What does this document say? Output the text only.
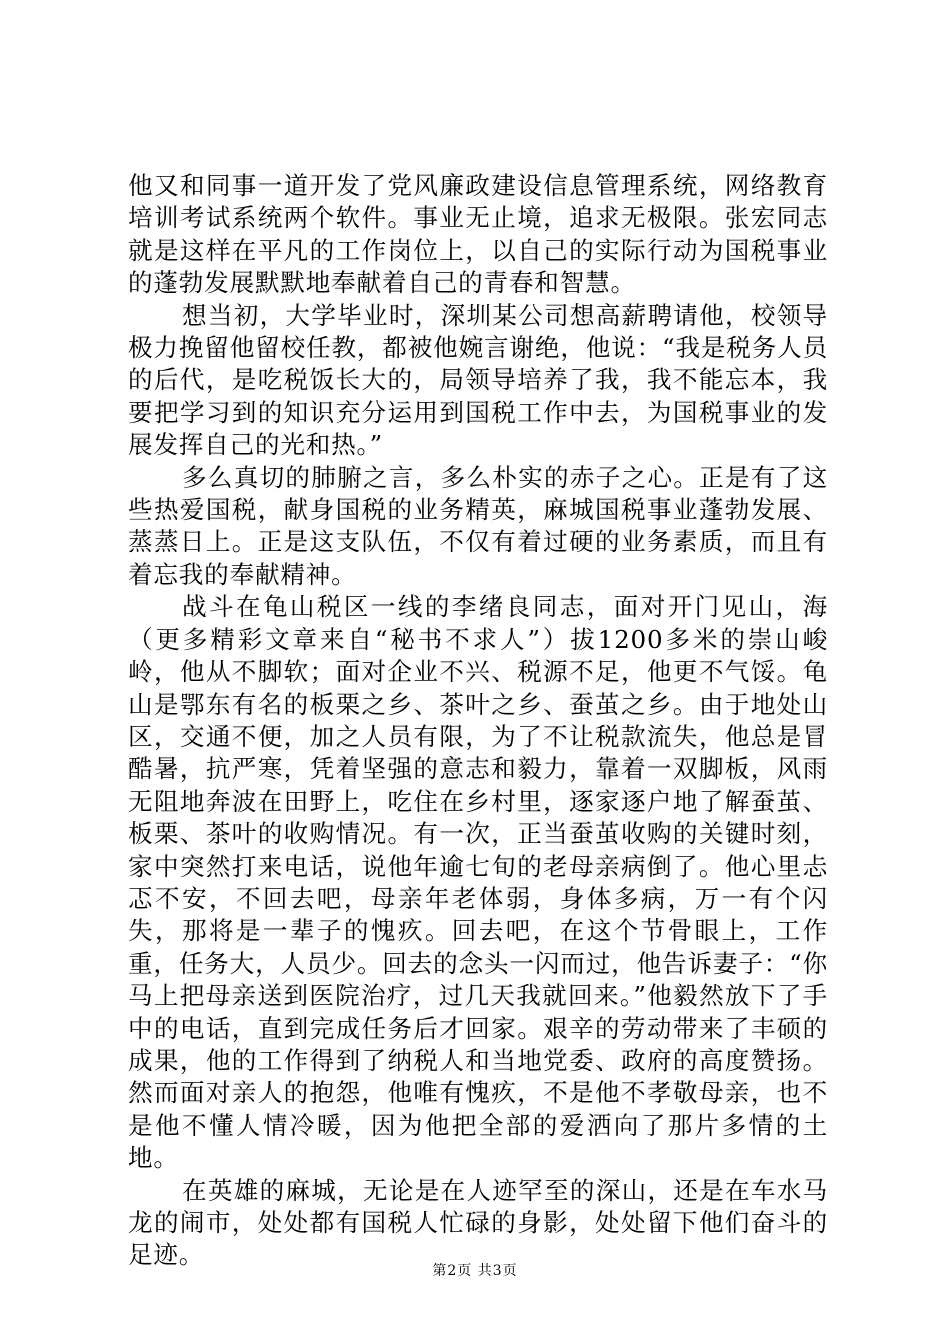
他又和同事一道开发了党风廉政建设信息管理系统，网络教育培训考试系统两个软件。事业无止境，追求无极限。张宏同志就是这样在平凡的工作岗位上，以自己的实际行动为国税事业的蓬勃发展默默地奉献着自己的青春和智慧。

想当初，大学毕业时，深圳某公司想高薪聘请他，校领导极力挽留他留校任教，都被他婉言谢绝，他说：“我是税务人员的后代，是吃税饭长大的，局领导培养了我，我不能忘本，我要把学习到的知识充分运用到国税工作中去，为国税事业的发展发挥自己的光和热。”

多么真切的肺腑之言，多么朴实的赤子之心。正是有了这些热爱国税，献身国税的业务精英，麻城国税事业蓬勃发展、蒸蒸日上。正是这支队伍，不仅有着过硬的业务素质，而且有着忘我的奉献精神。

战斗在龟山税区一线的李绪良同志，面对开门见山，海（更多精彩文章来自“秘书不求人”）拔1200多米的崇山峻岭，他从不脚软；面对企业不兴、税源不足，他更不气馁。龟山是鄂东有名的板栗之乡、茶叶之乡、蚕茧之乡。由于地处山区，交通不便，加之人员有限，为了不让税款流失，他总是冒酷暑，抗严寒，凭着坚强的意志和毅力，靠着一双脚板，风雨无阻地奔波在田野上，吃住在乡村里，逐家逐户地了解蚕茧、板栗、茶叶的收购情况。有一次，正当蚕茧收购的关键时刻，家中突然打来电话，说他年逾七旬的老母亲病倒了。他心里忐忑不安，不回去吧，母亲年老体弱，身体多病，万一有个闪失，那将是一辈子的愧疚。回去吧，在这个节骨眼上，工作重，任务大，人员少。回去的念头一闪而过，他告诉妻子：“你马上把母亲送到医院治疗，过几天我就回来。”他毅然放下了手中的电话，直到完成任务后才回家。艰辛的劳动带来了丰硕的成果，他的工作得到了纳税人和当地党委、政府的高度赞扬。然而面对亲人的抱怨，他唯有愧疚，不是他不孝敬母亲，也不是他不懂人情冷暖，因为他把全部的爱洒向了那片多情的土地。

在英雄的麻城，无论是在人迹罕至的深山，还是在车水马龙的闹市，处处都有国税人忙碌的身影，处处留下他们奋斗的足迹。

第2页 共3页
